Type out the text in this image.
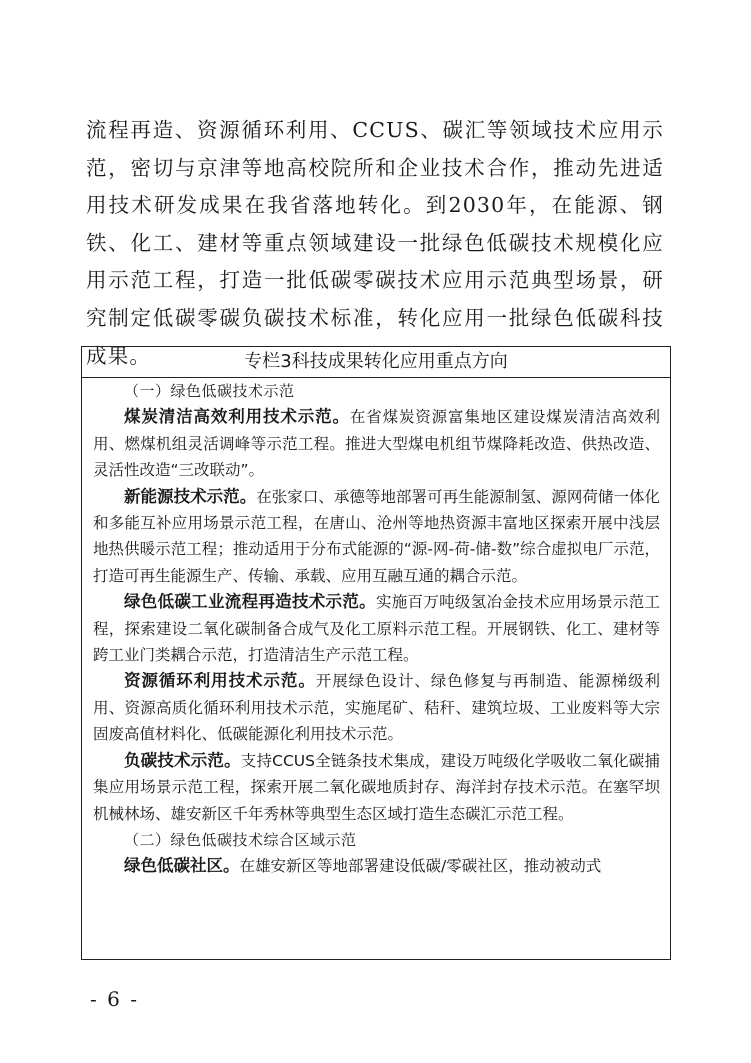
流程再造、资源循环利用、CCUS、碳汇等领域技术应用示范，密切与京津等地高校院所和企业技术合作，推动先进适用技术研发成果在我省落地转化。到2030年，在能源、钢铁、化工、建材等重点领域建设一批绿色低碳技术规模化应用示范工程，打造一批低碳零碳技术应用示范典型场景，研究制定低碳零碳负碳技术标准，转化应用一批绿色低碳科技成果。	专栏3科技成果转化应用重点方向

（一）绿色低碳技术示范

煤炭清洁高效利用技术示范。在省煤炭资源富集地区建设煤炭清洁高效利用、燃煤机组灵活调峰等示范工程。推进大型煤电机组节煤降耗改造、供热改造、灵活性改造“三改联动”。

新能源技术示范。在张家口、承德等地部署可再生能源制氢、源网荷储一体化和多能互补应用场景示范工程，在唐山、沧州等地热资源丰富地区探索开展中浅层地热供暖示范工程；推动适用于分布式能源的“源-网-荷-储-数”综合虚拟电厂示范，打造可再生能源生产、传输、承载、应用互融互通的耦合示范。

绿色低碳工业流程再造技术示范。实施百万吨级氢冶金技术应用场景示范工程，探索建设二氧化碳制备合成气及化工原料示范工程。开展钢铁、化工、建材等跨工业门类耦合示范，打造清洁生产示范工程。

资源循环利用技术示范。开展绿色设计、绿色修复与再制造、能源梯级利用、资源高质化循环利用技术示范，实施尾矿、秸秆、建筑垃圾、工业废料等大宗固废高值材料化、低碳能源化利用技术示范。

负碳技术示范。支持CCUS全链条技术集成，建设万吨级化学吸收二氧化碳捕集应用场景示范工程，探索开展二氧化碳地质封存、海洋封存技术示范。在塞罕坝机械林场、雄安新区千年秀林等典型生态区域打造生态碳汇示范工程。

（二）绿色低碳技术综合区域示范

绿色低碳社区。在雄安新区等地部署建设低碳/零碳社区，推动被动式

- 6 -
